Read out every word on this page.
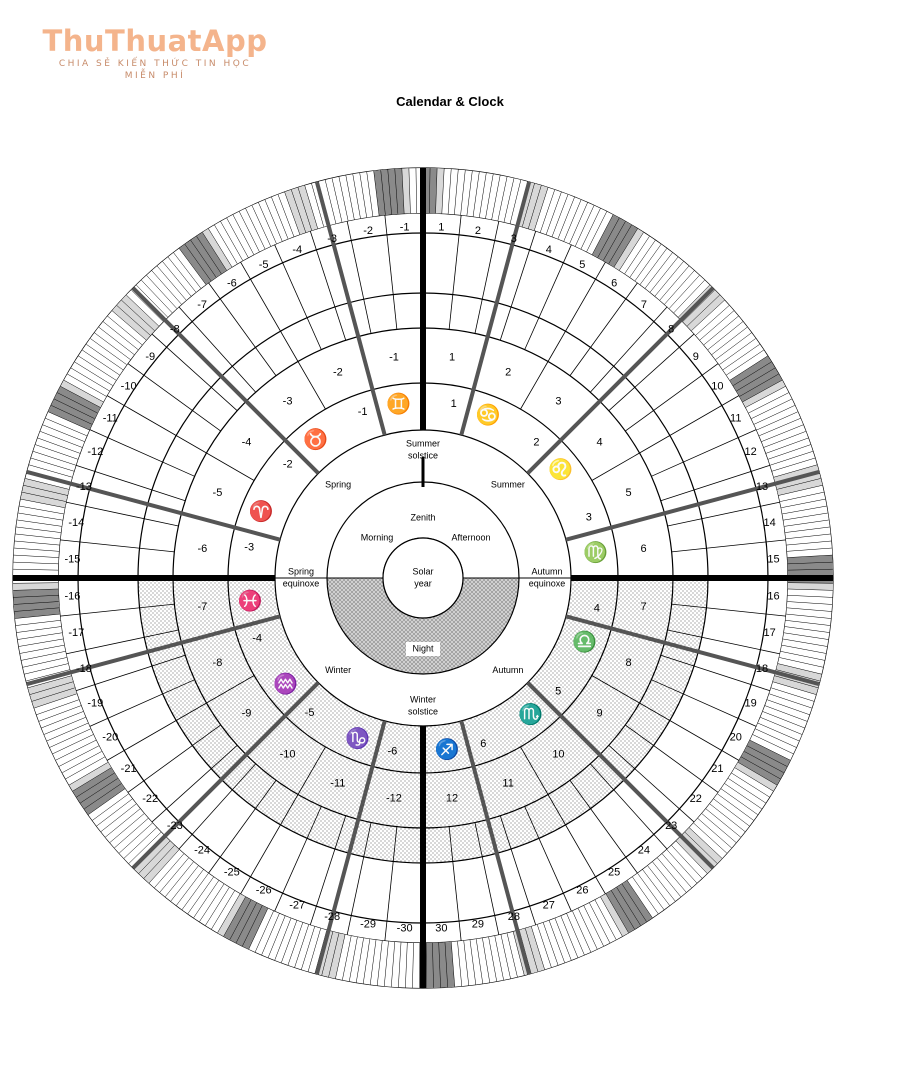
ThuThuatApp
CHIA SẺ KIẾN THỨC TIN HỌC
MIỄN PHÍ
Calendar & Clock
1	2
3
4
5
6
7
8
9
10
11
12
13
14
15
16
17
18
19
20
21
22
23
24
25
26
27
28
29
30
-1
-2
-3
-4
-5
-6
-7
-8
-9
-10
-11
-12
-13
-14
-15
-16
-17
-18
-19
-20
-21
-22
-23
-24
-25
-26
-27
-28
-29 -30
1
2
3
4
5
6
7
8
9
10
11
12
-1
-2
-3
-4
-5
-6
-7
-8
-9
-10
-11
-12
♋
1
♌
2
♍
3
♎
4
♏
5
♐ 6
♑
-6
♒
-5
♓
-4
♈
-3
♉
-2
♊
-1
Spring	Summer
Winter	Autumn
Summer
solstice
Winter
solstice
Spring
equinoxe
Autumn
equinoxe
Zenith
Morning	Afternoon
Night
Solar
year
